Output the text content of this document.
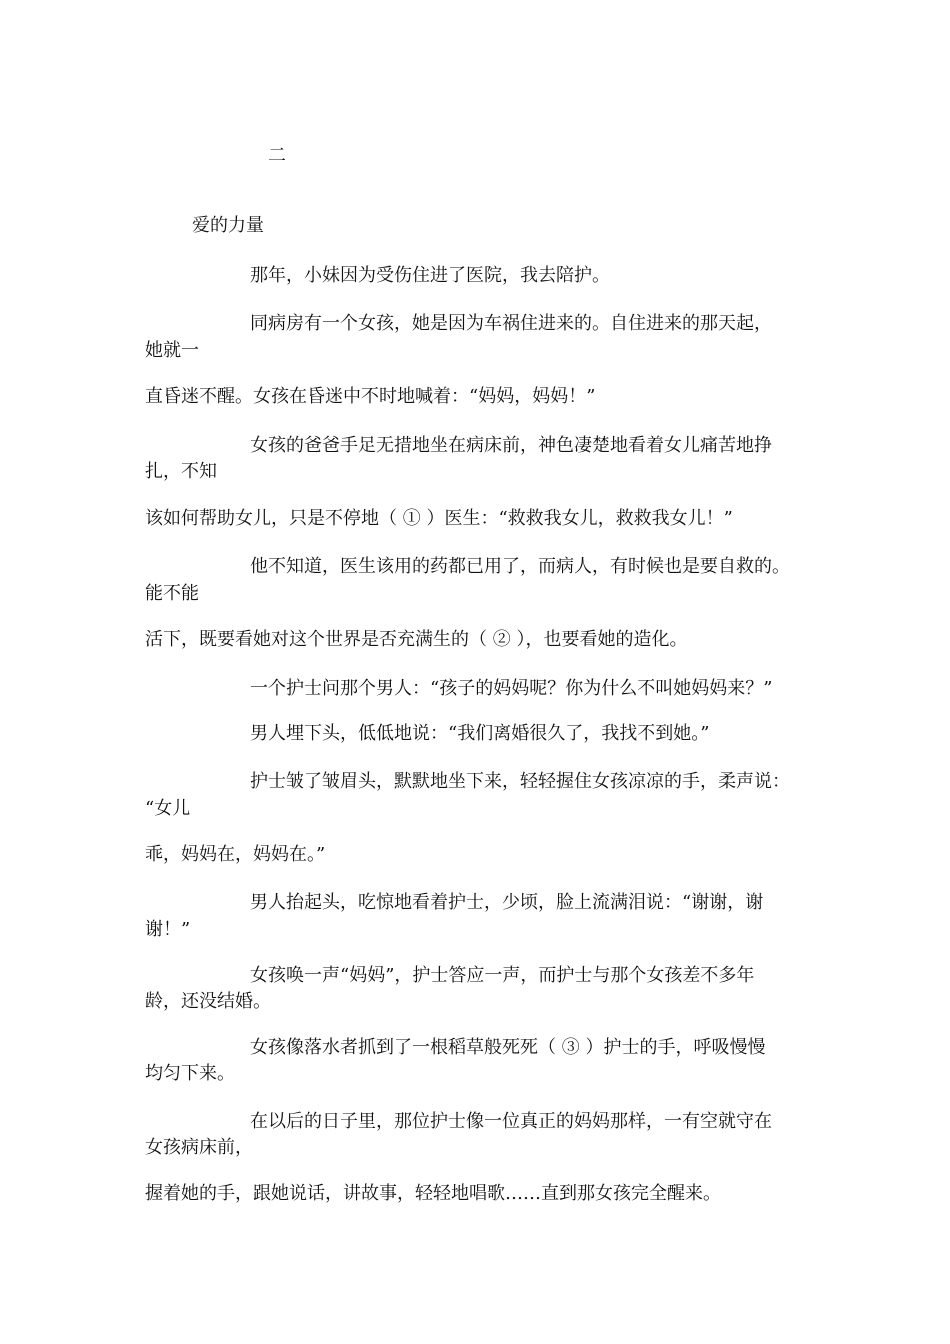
二
爱的力量
那年，小妹因为受伤住进了医院，我去陪护。
同病房有一个女孩，她是因为车祸住进来的。自住进来的那天起，
她就一
直昏迷不醒。女孩在昏迷中不时地喊着：“妈妈，妈妈！”
女孩的爸爸手足无措地坐在病床前，神色凄楚地看着女儿痛苦地挣
扎，不知
该如何帮助女儿，只是不停地（ ① ）医生：“救救我女儿，救救我女儿！”
他不知道，医生该用的药都已用了，而病人，有时候也是要自救的。
能不能
活下，既要看她对这个世界是否充满生的（ ② ），也要看她的造化。
一个护士问那个男人：“孩子的妈妈呢？你为什么不叫她妈妈来？”
男人埋下头，低低地说：“我们离婚很久了，我找不到她。”
护士皱了皱眉头，默默地坐下来，轻轻握住女孩凉凉的手，柔声说：
“女儿
乖，妈妈在，妈妈在。”
男人抬起头，吃惊地看着护士，少顷，脸上流满泪说：“谢谢，谢
谢！”
女孩唤一声“妈妈”，护士答应一声，而护士与那个女孩差不多年
龄，还没结婚。
女孩像落水者抓到了一根稻草般死死（ ③ ）护士的手，呼吸慢慢
均匀下来。
在以后的日子里，那位护士像一位真正的妈妈那样，一有空就守在
女孩病床前，
握着她的手，跟她说话，讲故事，轻轻地唱歌……直到那女孩完全醒来。
